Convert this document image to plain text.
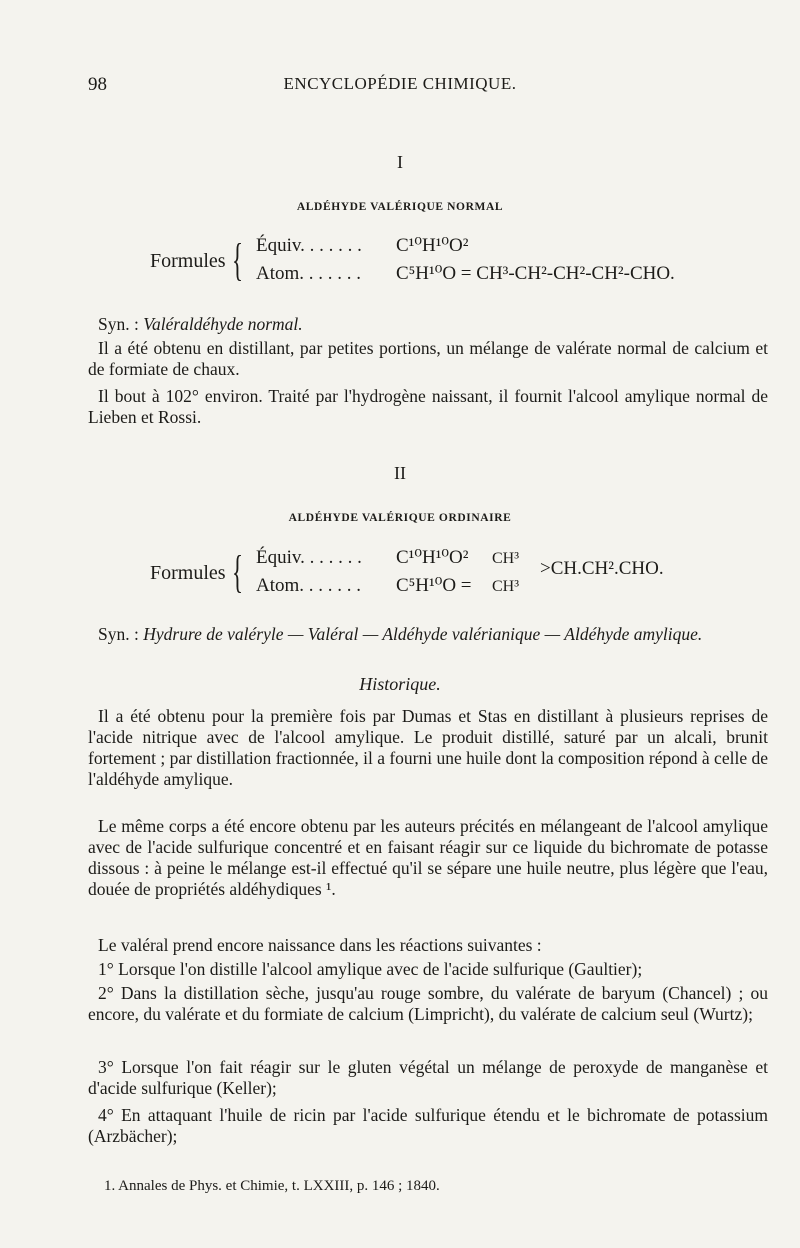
98	ENCYCLOPÉDIE CHIMIQUE.
I
ALDÉHYDE VALÉRIQUE NORMAL
Formules { Équiv. . . . . . . C¹⁰H¹⁰O²
Atom. . . . . . . C⁵H¹⁰O = CH³-CH²-CH²-CH²-CHO.
Syn. : Valéraldéhyde normal.
Il a été obtenu en distillant, par petites portions, un mélange de valérate normal de calcium et de formiate de chaux.
Il bout à 102° environ. Traité par l'hydrogène naissant, il fournit l'alcool amylique normal de Lieben et Rossi.
II
ALDÉHYDE VALÉRIQUE ORDINAIRE
Formules { Équiv. . . . . . . C¹⁰H¹⁰O² CH³
Atom. . . . . . . C⁵H¹⁰O =CH³
>CH.CH².CHO.
Syn. : Hydrure de valéryle — Valéral — Aldéhyde valérianique — Aldéhyde amylique.
Historique.
Il a été obtenu pour la première fois par Dumas et Stas en distillant à plusieurs reprises de l'acide nitrique avec de l'alcool amylique. Le produit distillé, saturé par un alcali, brunit fortement ; par distillation fractionnée, il a fourni une huile dont la composition répond à celle de l'aldéhyde amylique.
Le même corps a été encore obtenu par les auteurs précités en mélangeant de l'alcool amylique avec de l'acide sulfurique concentré et en faisant réagir sur ce liquide du bichromate de potasse dissous : à peine le mélange est-il effectué qu'il se sépare une huile neutre, plus légère que l'eau, douée de propriétés aldéhydiques ¹.
Le valéral prend encore naissance dans les réactions suivantes :
1° Lorsque l'on distille l'alcool amylique avec de l'acide sulfurique (Gaultier);
2° Dans la distillation sèche, jusqu'au rouge sombre, du valérate de baryum (Chancel) ; ou encore, du valérate et du formiate de calcium (Limpricht), du valérate de calcium seul (Wurtz);
3° Lorsque l'on fait réagir sur le gluten végétal un mélange de peroxyde de manganèse et d'acide sulfurique (Keller);
4° En attaquant l'huile de ricin par l'acide sulfurique étendu et le bichromate de potassium (Arzbächer);
1. Annales de Phys. et Chimie, t. LXXIII, p. 146 ; 1840.
